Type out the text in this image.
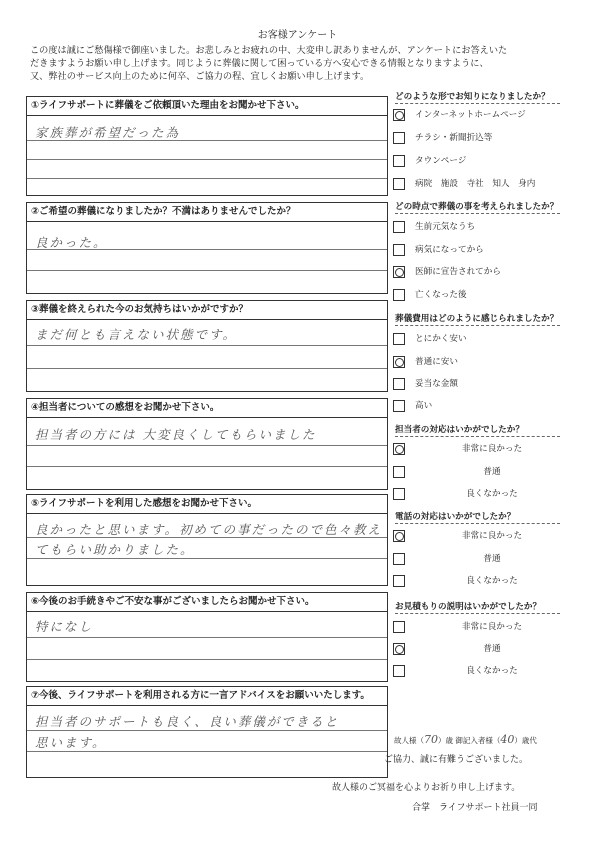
お客様アンケート
この度は誠にご愁傷様で御座いました。お悲しみとお疲れの中、大変申し訳ありませんが、アンケートにお答えいた
だきますようお願い申し上げます。同じように葬儀に関して困っている方へ安心できる情報となりますように、
又、弊社のサービス向上のために何卒、ご協力の程、宜しくお願い申し上げます。
①ライフサポートに葬儀をご依頼頂いた理由をお聞かせ下さい。
家族葬が希望だった為
②ご希望の葬儀になりましたか？不満はありませんでしたか？
良かった。
③葬儀を終えられた今のお気持ちはいかがですか？
まだ何とも言えない状態です。
④担当者についての感想をお聞かせ下さい。
担当者の方には 大変良くしてもらいました
⑤ライフサポートを利用した感想をお聞かせ下さい。
良かったと思います。初めての事だったので色々教え
てもらい助かりました。
⑥今後のお手続きやご不安な事がございましたらお聞かせ下さい。
特になし
⑦今後、ライフサポートを利用される方に一言アドバイスをお願いいたします。
担当者のサポートも良く、良い葬儀ができると
思います。
どのような形でお知りになりましたか？
インターネットホームページ
チラシ・新聞折込等
タウンページ
病院　施設　寺社　知人　身内
どの時点で葬儀の事を考えられましたか？
生前元気なうち
病気になってから
医師に宣告されてから
亡くなった後
葬儀費用はどのように感じられましたか？
とにかく安い
普通に安い
妥当な金額
高い
担当者の対応はいかがでしたか？
非常に良かった
普通
良くなかった
電話の対応はいかがでしたか？
非常に良かった
普通
良くなかった
お見積もりの説明はいかがでしたか？
非常に良かった
普通
良くなかった
故人様（70）歳 御記入者様（40）歳代
ご協力、誠に有難うございました。
故人様のご冥福を心よりお祈り申し上げます。
合掌　ライフサポート社員一同
